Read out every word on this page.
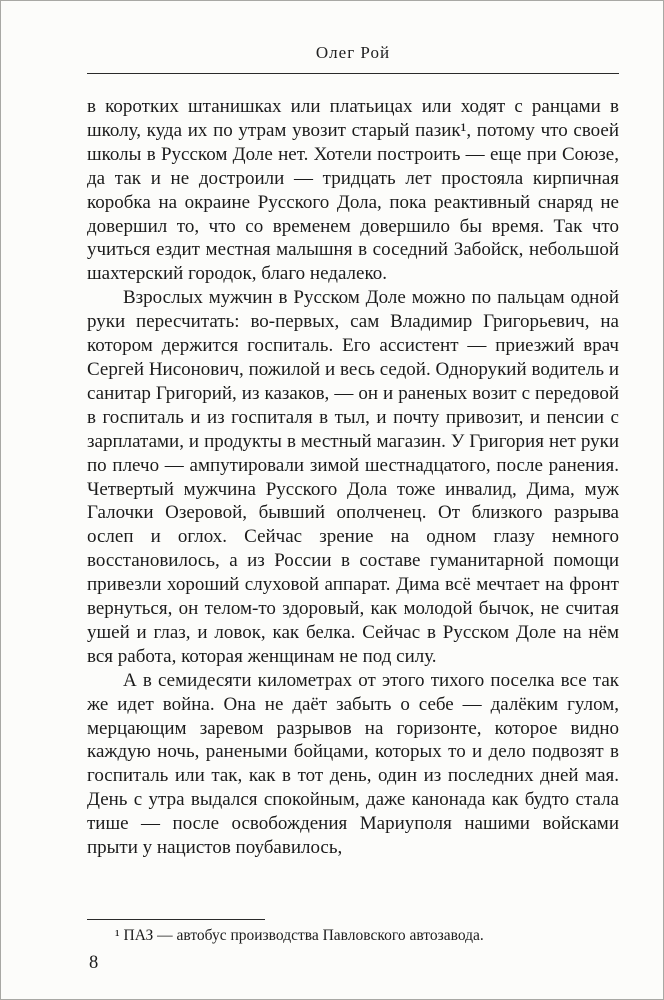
Олег Рой

в коротких штанишках или платьицах или ходят с ранцами в школу, куда их по утрам увозит старый пазик¹, потому что своей школы в Русском Доле нет. Хотели построить — еще при Союзе, да так и не достроили — тридцать лет простояла кирпичная коробка на окраине Русского Дола, пока реактивный снаряд не довершил то, что со временем довершило бы время. Так что учиться ездит местная малышня в соседний Забойск, небольшой шахтерский городок, благо недалеко.

Взрослых мужчин в Русском Доле можно по пальцам одной руки пересчитать: во-первых, сам Владимир Григорьевич, на котором держится госпиталь. Его ассистент — приезжий врач Сергей Нисонович, пожилой и весь седой. Однорукий водитель и санитар Григорий, из казаков, — он и раненых возит с передовой в госпиталь и из госпиталя в тыл, и почту привозит, и пенсии с зарплатами, и продукты в местный магазин. У Григория нет руки по плечо — ампутировали зимой шестнадцатого, после ранения. Четвертый мужчина Русского Дола тоже инвалид, Дима, муж Галочки Озеровой, бывший ополченец. От близкого разрыва ослеп и оглох. Сейчас зрение на одном глазу немного восстановилось, а из России в составе гуманитарной помощи привезли хороший слуховой аппарат. Дима всё мечтает на фронт вернуться, он телом-то здоровый, как молодой бычок, не считая ушей и глаз, и ловок, как белка. Сейчас в Русском Доле на нём вся работа, которая женщинам не под силу.

А в семидесяти километрах от этого тихого поселка все так же идет война. Она не даёт забыть о себе — далёким гулом, мерцающим заревом разрывов на горизонте, которое видно каждую ночь, ранеными бойцами, которых то и дело подвозят в госпиталь или так, как в тот день, один из последних дней мая. День с утра выдался спокойным, даже канонада как будто стала тише — после освобождения Мариуполя нашими войсками прыти у нацистов поубавилось,

¹ ПАЗ — автобус производства Павловского автозавода.

8
